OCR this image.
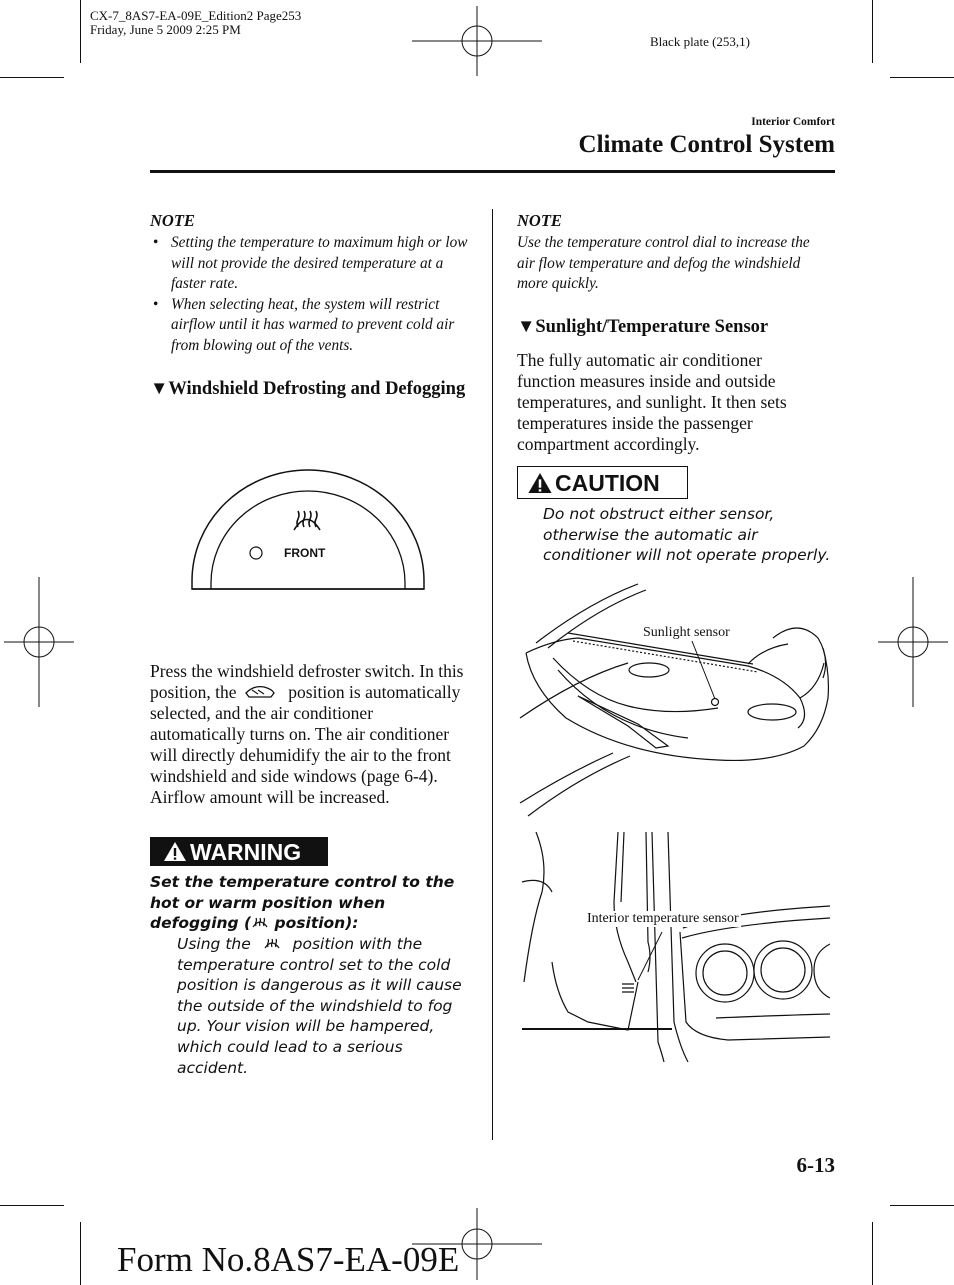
CX-7_8AS7-EA-09E_Edition2 Page253
Friday, June 5 2009 2:25 PM
Black plate (253,1)
Interior Comfort
Climate Control System
NOTE
• Setting the temperature to maximum high or low will not provide the desired temperature at a faster rate.
• When selecting heat, the system will restrict airflow until it has warmed to prevent cold air from blowing out of the vents.
▼Windshield Defrosting and Defogging
FRONT
Press the windshield defroster switch. In this position, the	position is automatically selected, and the air conditioner automatically turns on. The air conditioner will directly dehumidify the air to the front windshield and side windows (page 6-4). Airflow amount will be increased.
WARNING
Set the temperature control to the hot or warm position when defogging ( position):
Using the	position with the temperature control set to the cold position is dangerous as it will cause the outside of the windshield to fog up. Your vision will be hampered, which could lead to a serious accident.
NOTE
Use the temperature control dial to increase the air flow temperature and defog the windshield more quickly.
▼Sunlight/Temperature Sensor
The fully automatic air conditioner function measures inside and outside temperatures, and sunlight. It then sets temperatures inside the passenger compartment accordingly.
CAUTION
Do not obstruct either sensor, otherwise the automatic air conditioner will not operate properly.
Sunlight sensor
Interior temperature sensor
6-13
Form No.8AS7-EA-09E
